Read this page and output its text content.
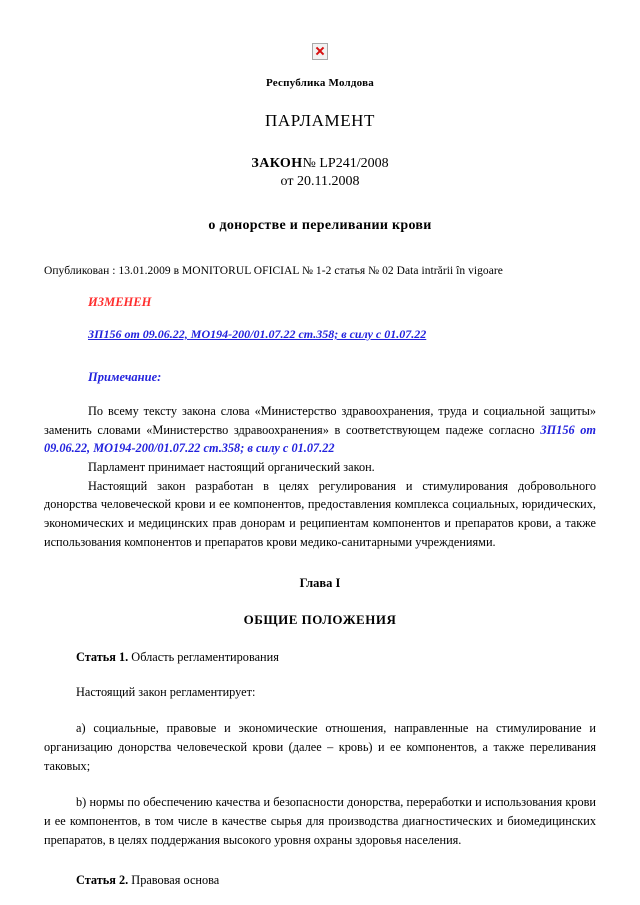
Республика Молдова
ПАРЛАМЕНТ
ЗАКОН№ LP241/2008
от 20.11.2008
о донорстве и переливании крови
Опубликован : 13.01.2009 в MONITORUL OFICIAL № 1-2 статья № 02 Data intrării în vigoare
ИЗМЕНЕН
ЗП156 от 09.06.22, MO194-200/01.07.22 ст.358; в силу с 01.07.22
Примечание:
По всему тексту закона слова «Министерство здравоохранения, труда и социальной защиты» заменить словами «Министерство здравоохранения» в соответствующем падеже согласно ЗП156 от 09.06.22, MO194-200/01.07.22 ст.358; в силу с 01.07.22

Парламент принимает настоящий органический закон.

Настоящий закон разработан в целях регулирования и стимулирования добровольного донорства человеческой крови и ее компонентов, предоставления комплекса социальных, юридических, экономических и медицинских прав донорам и реципиентам компонентов и препаратов крови, а также использования компонентов и препаратов крови медико-санитарными учреждениями.

Глава I
ОБЩИЕ ПОЛОЖЕНИЯ
Статья 1. Область регламентирования
Настоящий закон регламентирует:
a) социальные, правовые и экономические отношения, направленные на стимулирование и организацию донорства человеческой крови (далее – кровь) и ее компонентов, а также переливания таковых;
b) нормы по обеспечению качества и безопасности донорства, переработки и использования крови и ее компонентов, в том числе в качестве сырья для производства диагностических и биомедицинских препаратов, в целях поддержания высокого уровня охраны здоровья населения.
Статья 2. Правовая основа
